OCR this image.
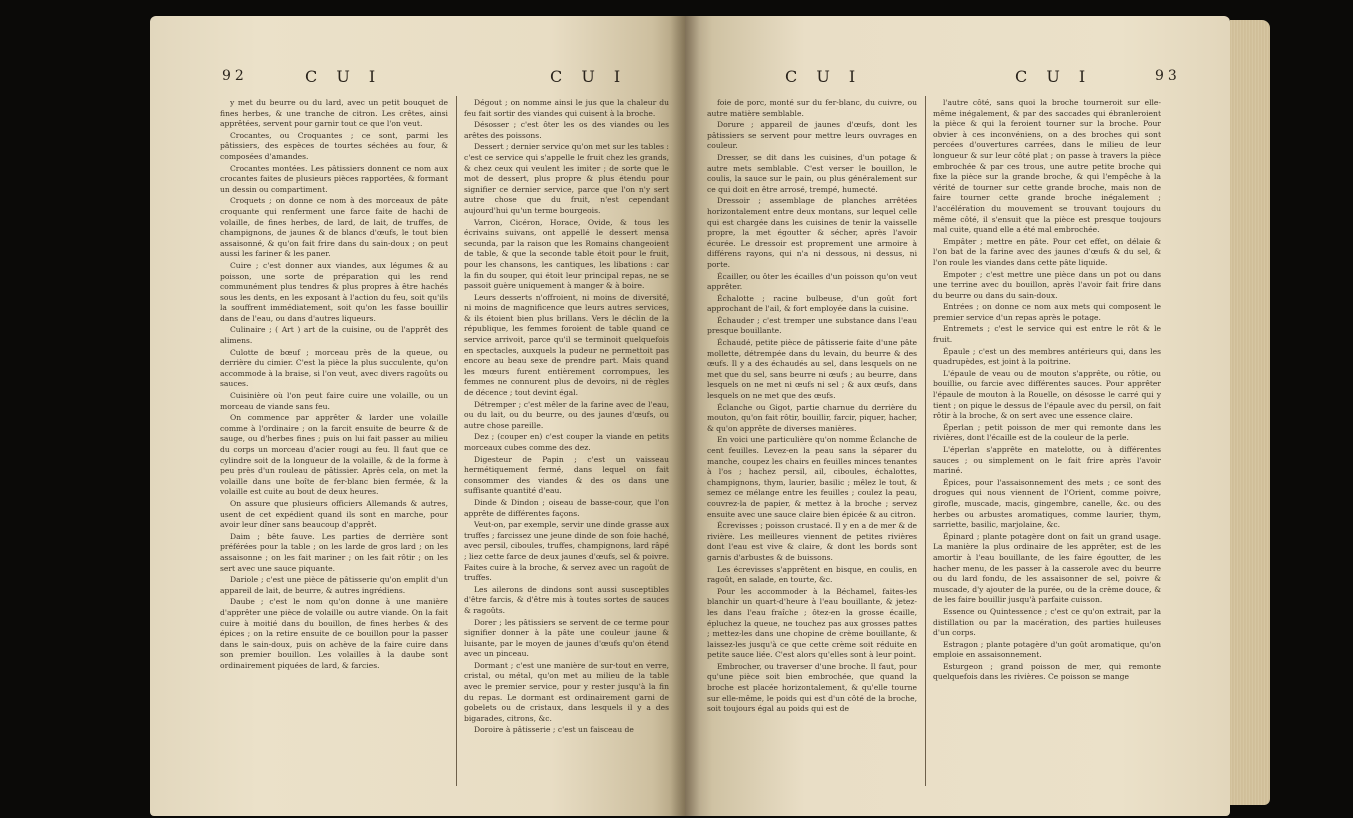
92	C U I	C U I

y met du beurre ou du lard, avec un petit bouquet de fines herbes, & une tranche de citron. Les crêtes, ainsi apprêtées, servent pour garnir tout ce que l'on veut.

Crocantes, ou Croquantes ; ce sont, parmi les pâtissiers, des espèces de tourtes séchées au four, & composées d'amandes.

Crocantes montées. Les pâtissiers donnent ce nom aux crocantes faites de plusieurs pièces rapportées, & formant un dessin ou compartiment.

Croquets ; on donne ce nom à des morceaux de pâte croquante qui renferment une farce faite de hachi de volaille, de fines herbes, de lard, de lait, de truffes, de champignons, de jaunes & de blancs d'œufs, le tout bien assaisonné, & qu'on fait frire dans du sain-doux ; on peut aussi les fariner & les paner.

Cuire ; c'est donner aux viandes, aux légumes & au poisson, une sorte de préparation qui les rend communément plus tendres & plus propres à être hachés sous les dents, en les exposant à l'action du feu, soit qu'ils la souffrent immédiatement, soit qu'on les fasse bouillir dans de l'eau, ou dans d'autres liqueurs.

Culinaire ; ( Art ) art de la cuisine, ou de l'apprêt des alimens.

Culotte de bœuf ; morceau près de la queue, ou derrière du cimier. C'est la pièce la plus succulente, qu'on accommode à la braise, si l'on veut, avec divers ragoûts ou sauces.

Cuisinière où l'on peut faire cuire une volaille, ou un morceau de viande sans feu.

On commence par apprêter & larder une volaille comme à l'ordinaire ; on la farcit ensuite de beurre & de sauge, ou d'herbes fines ; puis on lui fait passer au milieu du corps un morceau d'acier rougi au feu. Il faut que ce cylindre soit de la longueur de la volaille, & de la forme à peu près d'un rouleau de pâtissier. Après cela, on met la volaille dans une boîte de fer-blanc bien fermée, & la volaille est cuite au bout de deux heures.

On assure que plusieurs officiers Allemands & autres, usent de cet expédient quand ils sont en marche, pour avoir leur dîner sans beaucoup d'apprêt.

Daim ; bête fauve. Les parties de derrière sont préférées pour la table ; on les larde de gros lard ; on les assaisonne ; on les fait mariner ; on les fait rôtir ; on les sert avec une sauce piquante.

Dariole ; c'est une pièce de pâtisserie qu'on emplit d'un appareil de lait, de beurre, & autres ingrédiens.

Daube ; c'est le nom qu'on donne à une manière d'apprêter une pièce de volaille ou autre viande. On la fait cuire à moitié dans du bouillon, de fines herbes & des épices ; on la retire ensuite de ce bouillon pour la passer dans le sain-doux, puis on achève de la faire cuire dans son premier bouillon. Les volailles à la daube sont ordinairement piquées de lard, & farcies.

Dégout ; on nomme ainsi le jus que la chaleur du feu fait sortir des viandes qui cuisent à la broche.

Désosser ; c'est ôter les os des viandes ou les arêtes des poissons.

Dessert ; dernier service qu'on met sur les tables : c'est ce service qui s'appelle le fruit chez les grands, & chez ceux qui veulent les imiter ; de sorte que le mot de dessert, plus propre & plus étendu pour signifier ce dernier service, parce que l'on n'y sert autre chose que du fruit, n'est cependant aujourd'hui qu'un terme bourgeois.

Varron, Cicéron, Horace, Ovide, & tous les écrivains suivans, ont appellé le dessert mensa secunda, par la raison que les Romains changeoient de table, & que la seconde table étoit pour le fruit, pour les chansons, les cantiques, les libations : car la fin du souper, qui étoit leur principal repas, ne se passoit guère uniquement à manger & à boire.

Leurs desserts n'offroient, ni moins de diversité, ni moins de magnificence que leurs autres services, & ils étoient bien plus brillans. Vers le déclin de la république, les femmes foroient de table quand ce service arrivoit, parce qu'il se terminoit quelquefois en spectacles, auxquels la pudeur ne permettoit pas encore au beau sexe de prendre part. Mais quand les mœurs furent entièrement corrompues, les femmes ne connurent plus de devoirs, ni de règles de décence ; tout devint égal.

Détremper ; c'est mêler de la farine avec de l'eau, ou du lait, ou du beurre, ou des jaunes d'œufs, ou autre chose pareille.

Dez ; (couper en) c'est couper la viande en petits morceaux cubes comme des dez.

Digesteur de Papin ; c'est un vaisseau hermétiquement fermé, dans lequel on fait consommer des viandes & des os dans une suffisante quantité d'eau.

Dinde & Dindon ; oiseau de basse-cour, que l'on apprête de différentes façons.

Veut-on, par exemple, servir une dinde grasse aux truffes ; farcissez une jeune dinde de son foie haché, avec persil, ciboules, truffes, champignons, lard râpé ; liez cette farce de deux jaunes d'œufs, sel & poivre. Faites cuire à la broche, & servez avec un ragoût de truffes.

Les ailerons de dindons sont aussi susceptibles d'être farcis, & d'être mis à toutes sortes de sauces & ragoûts.

Dorer ; les pâtissiers se servent de ce terme pour signifier donner à la pâte une couleur jaune & luisante, par le moyen de jaunes d'œufs qu'on étend avec un pinceau.

Dormant ; c'est une manière de sur-tout en verre, cristal, ou métal, qu'on met au milieu de la table avec le premier service, pour y rester jusqu'à la fin du repas. Le dormant est ordinairement garni de gobelets ou de cristaux, dans lesquels il y a des bigarades, citrons, &c.

Doroire à pâtisserie ; c'est un faisceau de

C U I	C U I	93

foie de porc, monté sur du fer-blanc, du cuivre, ou autre matière semblable.

Dorure ; appareil de jaunes d'œufs, dont les pâtissiers se servent pour mettre leurs ouvrages en couleur.

Dresser, se dit dans les cuisines, d'un potage & autre mets semblable. C'est verser le bouillon, le coulis, la sauce sur le pain, ou plus généralement sur ce qui doit en être arrosé, trempé, humecté.

Dressoir ; assemblage de planches arrêtées horizontalement entre deux montans, sur lequel celle qui est chargée dans les cuisines de tenir la vaisselle propre, la met égoutter & sécher, après l'avoir écurée. Le dressoir est proprement une armoire à différens rayons, qui n'a ni dessous, ni dessus, ni porte.

Écailler, ou ôter les écailles d'un poisson qu'on veut apprêter.

Échalotte ; racine bulbeuse, d'un goût fort approchant de l'ail, & fort employée dans la cuisine.

Échauder ; c'est tremper une substance dans l'eau presque bouillante.

Échaudé, petite pièce de pâtisserie faite d'une pâte mollette, détrempée dans du levain, du beurre & des œufs. Il y a des échaudés au sel, dans lesquels on ne met que du sel, sans beurre ni œufs ; au beurre, dans lesquels on ne met ni œufs ni sel ; & aux œufs, dans lesquels on ne met que des œufs.

Éclanche ou Gigot, partie charnue du derrière du mouton, qu'on fait rôtir, bouillir, farcir, piquer, hacher, & qu'on apprête de diverses manières.

En voici une particulière qu'on nomme Éclanche de cent feuilles. Levez-en la peau sans la séparer du manche, coupez les chairs en feuilles minces tenantes à l'os ; hachez persil, ail, ciboules, échalottes, champignons, thym, laurier, basilic ; mêlez le tout, & semez ce mélange entre les feuilles ; coulez la peau, couvrez-la de papier, & mettez à la broche ; servez ensuite avec une sauce claire bien épicée & au citron.

Écrevisses ; poisson crustacé. Il y en a de mer & de rivière. Les meilleures viennent de petites rivières dont l'eau est vive & claire, & dont les bords sont garnis d'arbustes & de buissons.

Les écrevisses s'apprêtent en bisque, en coulis, en ragoût, en salade, en tourte, &c.

Pour les accommoder à la Béchamel, faites-les blanchir un quart-d'heure à l'eau bouillante, & jetez-les dans l'eau fraîche ; ôtez-en la grosse écaille, épluchez la queue, ne touchez pas aux grosses pattes ; mettez-les dans une chopine de crème bouillante, & laissez-les jusqu'à ce que cette crème soit réduite en petite sauce liée. C'est alors qu'elles sont à leur point.

Embrocher, ou traverser d'une broche. Il faut, pour qu'une pièce soit bien embrochée, que quand la broche est placée horizontalement, & qu'elle tourne sur elle-même, le poids qui est d'un côté de la broche, soit toujours égal au poids qui est de

l'autre côté, sans quoi la broche tourneroit sur elle-même inégalement, & par des saccades qui ébranleroient la pièce & qui la feroient tourner sur la broche. Pour obvier à ces inconvéniens, on a des broches qui sont percées d'ouvertures carrées, dans le milieu de leur longueur & sur leur côté plat ; on passe à travers la pièce embrochée & par ces trous, une autre petite broche qui fixe la pièce sur la grande broche, & qui l'empêche à la vérité de tourner sur cette grande broche, mais non de faire tourner cette grande broche inégalement ; l'accélération du mouvement se trouvant toujours du même côté, il s'ensuit que la pièce est presque toujours mal cuite, quand elle a été mal embrochée.

Empâter ; mettre en pâte. Pour cet effet, on délaie & l'on bat de la farine avec des jaunes d'œufs & du sel, & l'on roule les viandes dans cette pâte liquide.

Empoter ; c'est mettre une pièce dans un pot ou dans une terrine avec du bouillon, après l'avoir fait frire dans du beurre ou dans du sain-doux.

Entrées ; on donne ce nom aux mets qui composent le premier service d'un repas après le potage.

Entremets ; c'est le service qui est entre le rôt & le fruit.

Épaule ; c'est un des membres antérieurs qui, dans les quadrupèdes, est joint à la poitrine.

L'épaule de veau ou de mouton s'apprête, ou rôtie, ou bouillie, ou farcie avec différentes sauces. Pour apprêter l'épaule de mouton à la Rouelle, on désosse le carré qui y tient ; on pique le dessus de l'épaule avec du persil, on fait rôtir à la broche, & on sert avec une essence claire.

Éperlan ; petit poisson de mer qui remonte dans les rivières, dont l'écaille est de la couleur de la perle.

L'éperlan s'apprête en matelotte, ou à différentes sauces ; ou simplement on le fait frire après l'avoir mariné.

Épices, pour l'assaisonnement des mets ; ce sont des drogues qui nous viennent de l'Orient, comme poivre, girofle, muscade, macis, gingembre, canelle, &c. ou des herbes ou arbustes aromatiques, comme laurier, thym, sarriette, basilic, marjolaine, &c.

Épinard ; plante potagère dont on fait un grand usage. La manière la plus ordinaire de les apprêter, est de les amortir à l'eau bouillante, de les faire égoutter, de les hacher menu, de les passer à la casserole avec du beurre ou du lard fondu, de les assaisonner de sel, poivre & muscade, d'y ajouter de la purée, ou de la crème douce, & de les faire bouillir jusqu'à parfaite cuisson.

Essence ou Quintessence ; c'est ce qu'on extrait, par la distillation ou par la macération, des parties huileuses d'un corps.

Estragon ; plante potagère d'un goût aromatique, qu'on emploie en assaisonnement.

Esturgeon ; grand poisson de mer, qui remonte quelquefois dans les rivières. Ce poisson se mange
